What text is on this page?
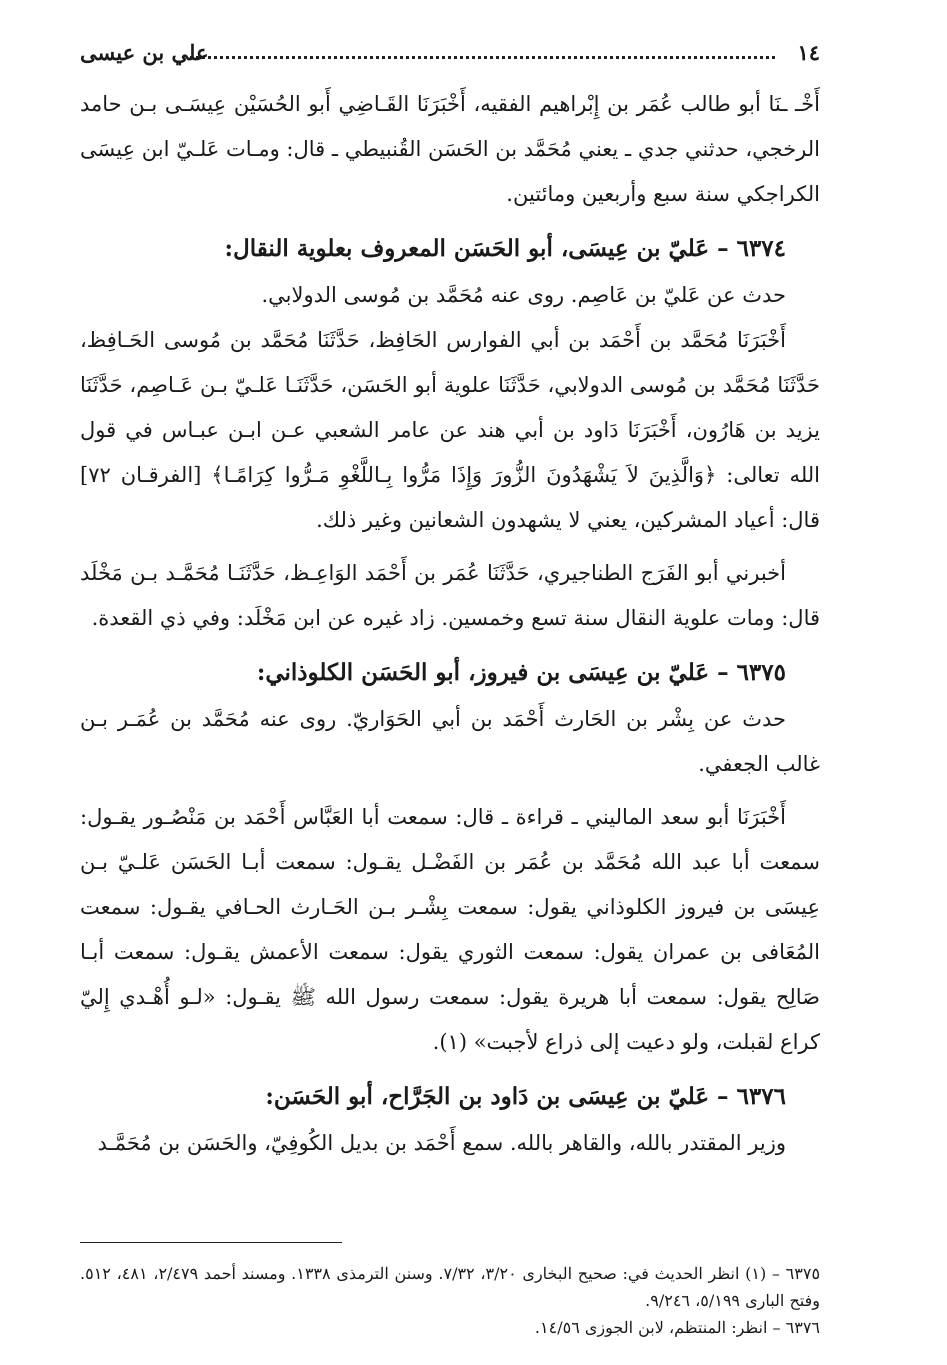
١٤
علي بن عيسى

أَخْـ ـنَا أبو طالب عُمَر بن إِبْراهيم الفقيه، أَخْبَرَنَا القَـاضِي أَبو الحُسَيْن عِيسَـى بـن حامد الرخجي، حدثني جدي ـ يعني مُحَمَّد بن الحَسَن القُنبيطي ـ قال: ومـات عَلـيّ ابن عِيسَى الكراجكي سنة سبع وأربعين ومائتين.

٦٣٧٤ – عَليّ بن عِيسَى، أبو الحَسَن المعروف بعلوية النقال:

حدث عن عَليّ بن عَاصِم. روى عنه مُحَمَّد بن مُوسى الدولابي.

أَخْبَرَنَا مُحَمَّد بن أَحْمَد بن أبي الفوارس الحَافِظ، حَدَّثَنَا مُحَمَّد بن مُوسى الحَـافِظ، حَدَّثَنَا مُحَمَّد بن مُوسى الدولابي، حَدَّثَنَا علوية أبو الحَسَن، حَدَّثَنَـا عَلـيّ بـن عَـاصِم، حَدَّثَنَا يزيد بن هَارُون، أَخْبَرَنَا دَاود بن أبي هند عن عامر الشعبي عـن ابـن عبـاس في قول الله تعالى: ﴿وَالَّذِينَ لاَ يَشْهَدُونَ الزُّورَ وَإِذَا مَرُّوا بِـاللَّغْوِ مَـرُّوا كِرَامًـا﴾ [الفرقـان ٧٢] قال: أعياد المشركين، يعني لا يشهدون الشعانين وغير ذلك.

أخبرني أبو الفَرَج الطناجيري، حَدَّثَنَا عُمَر بن أَحْمَد الوَاعِـظ، حَدَّثَنَـا مُحَمَّـد بـن مَخْلَد قال: ومات علوية النقال سنة تسع وخمسين. زاد غيره عن ابن مَخْلَد: وفي ذي القعدة.

٦٣٧٥ – عَليّ بن عِيسَى بن فيروز، أبو الحَسَن الكلوذاني:

حدث عن بِشْر بن الحَارث أَحْمَد بن أبي الحَوَاريّ. روى عنه مُحَمَّد بن عُمَـر بـن غالب الجعفي.

أَخْبَرَنَا أبو سعد الماليني ـ قراءة ـ قال: سمعت أبا العَبَّاس أَحْمَد بن مَنْصُـور يقـول: سمعت أبا عبد الله مُحَمَّد بن عُمَر بن الفَضْـل يقـول: سمعت أبـا الحَسَن عَلـيّ بـن عِيسَى بن فيروز الكلوذاني يقول: سمعت بِشْـر بـن الحَـارث الحـافي يقـول: سمعت المُعَافى بن عمران يقول: سمعت الثوري يقول: سمعت الأعمش يقـول: سمعت أبـا صَالِح يقول: سمعت أبا هريرة يقول: سمعت رسول الله ﷺ يقـول: «لـو أُهْـدي إِليّ كراع لقبلت، ولو دعيت إلى ذراع لأجبت» (١).

٦٣٧٦ – عَليّ بن عِيسَى بن دَاود بن الجَرَّاح، أبو الحَسَن:

وزير المقتدر بالله، والقاهر بالله. سمع أَحْمَد بن بديل الكُوفِيّ، والحَسَن بن مُحَمَّـد

٦٣٧٥ – (١) انظر الحديث في: صحيح البخارى ٣/٢٠، ٧/٣٢. وسنن الترمذى ١٣٣٨. ومسند أحمد ٢/٤٧٩، ٤٨١، ٥١٢. وفتح البارى ٥/١٩٩، ٩/٢٤٦.

٦٣٧٦ – انظر: المنتظم، لابن الجوزى ١٤/٥٦.
